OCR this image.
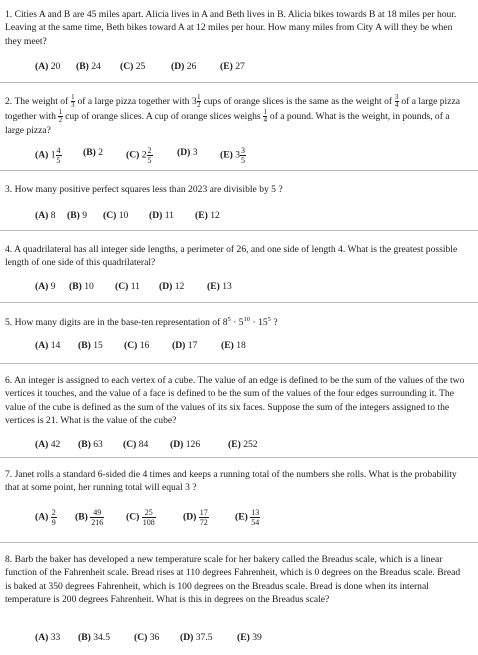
1. Cities A and B are 45 miles apart. Alicia lives in A and Beth lives in B. Alicia bikes towards B at 18 miles per hour. Leaving at the same time, Beth bikes toward A at 12 miles per hour. How many miles from City A will they be when they meet?
(A) 20 (B) 24 (C) 25	(D) 26 (E) 27
2. The weight of $\frac{1}{3}$ of a large pizza together with $3 \frac{1}{2}$ cups of orange slices is the same as the weight of $\frac{3}{4}$ of a large pizza together with $\frac{1}{2}$ cup of orange slices. A cup of orange slices weighs $\frac{1}{4}$ of a pound. What is the weight, in pounds, of a large pizza?
(A) $1 \frac{4}{5} (B)$ 2 (C) $2 \frac{2}{5}$	(D) 3 (E) $3 \frac{3}{5}$
3. How many positive perfect squares less than 2023 are divisible by 5 ?
(A) 8 (B) 9 (C) 10 (D) 11 (E) 12
4. A quadrilateral has all integer side lengths, a perimeter of 26, and one side of length 4. What is the greatest possible length of one side of this quadrilateral?
(A) 9 (B) 10 (C) 11 (D) 12 (E) 13
5. How many digits are in the base-ten representation of $8^5 \cdot 5^{10} \cdot 15^5$ ?
(A) 14 (B) 15 (C) 16 (D) 17 (E) 18
6. An integer is assigned to each vertex of a cube. The value of an edge is defined to be the sum of the values of the two vertices it touches, and the value of a face is defined to be the sum of the values of the four edges surrounding it. The value of the cube is defined as the sum of the values of its six faces. Suppose the sum of the integers assigned to the vertices is 21. What is the value of the cube?
(A) 42 (B) 63 (C) 84 (D) 126	(E) 252
7. Janet rolls a standard 6-sided die 4 times and keeps a running total of the numbers she rolls. What is the probability that at some point, her running total will equal 3 ?
$(A) \frac{2}{9} (B) \frac{49}{216} (C) \frac{25}{108}$	$(D) \frac{17}{72}$	$(E) \frac{13}{54}$
8. Barb the baker has developed a new temperature scale for her bakery called the Breadus scale, which is a linear function of the Fahrenheit scale. Bread rises at 110 degrees Fahrenheit, which is 0 degrees on the Breadus scale. Bread is baked at 350 degrees Fahrenheit, which is 100 degrees on the Breadus scale. Bread is done when its internal temperature is 200 degrees Fahrenheit. What is this in degrees on the Breadus scale?
(A) 33 (B) 34.5	(C) 36 (D) 37.5	(E) 39
